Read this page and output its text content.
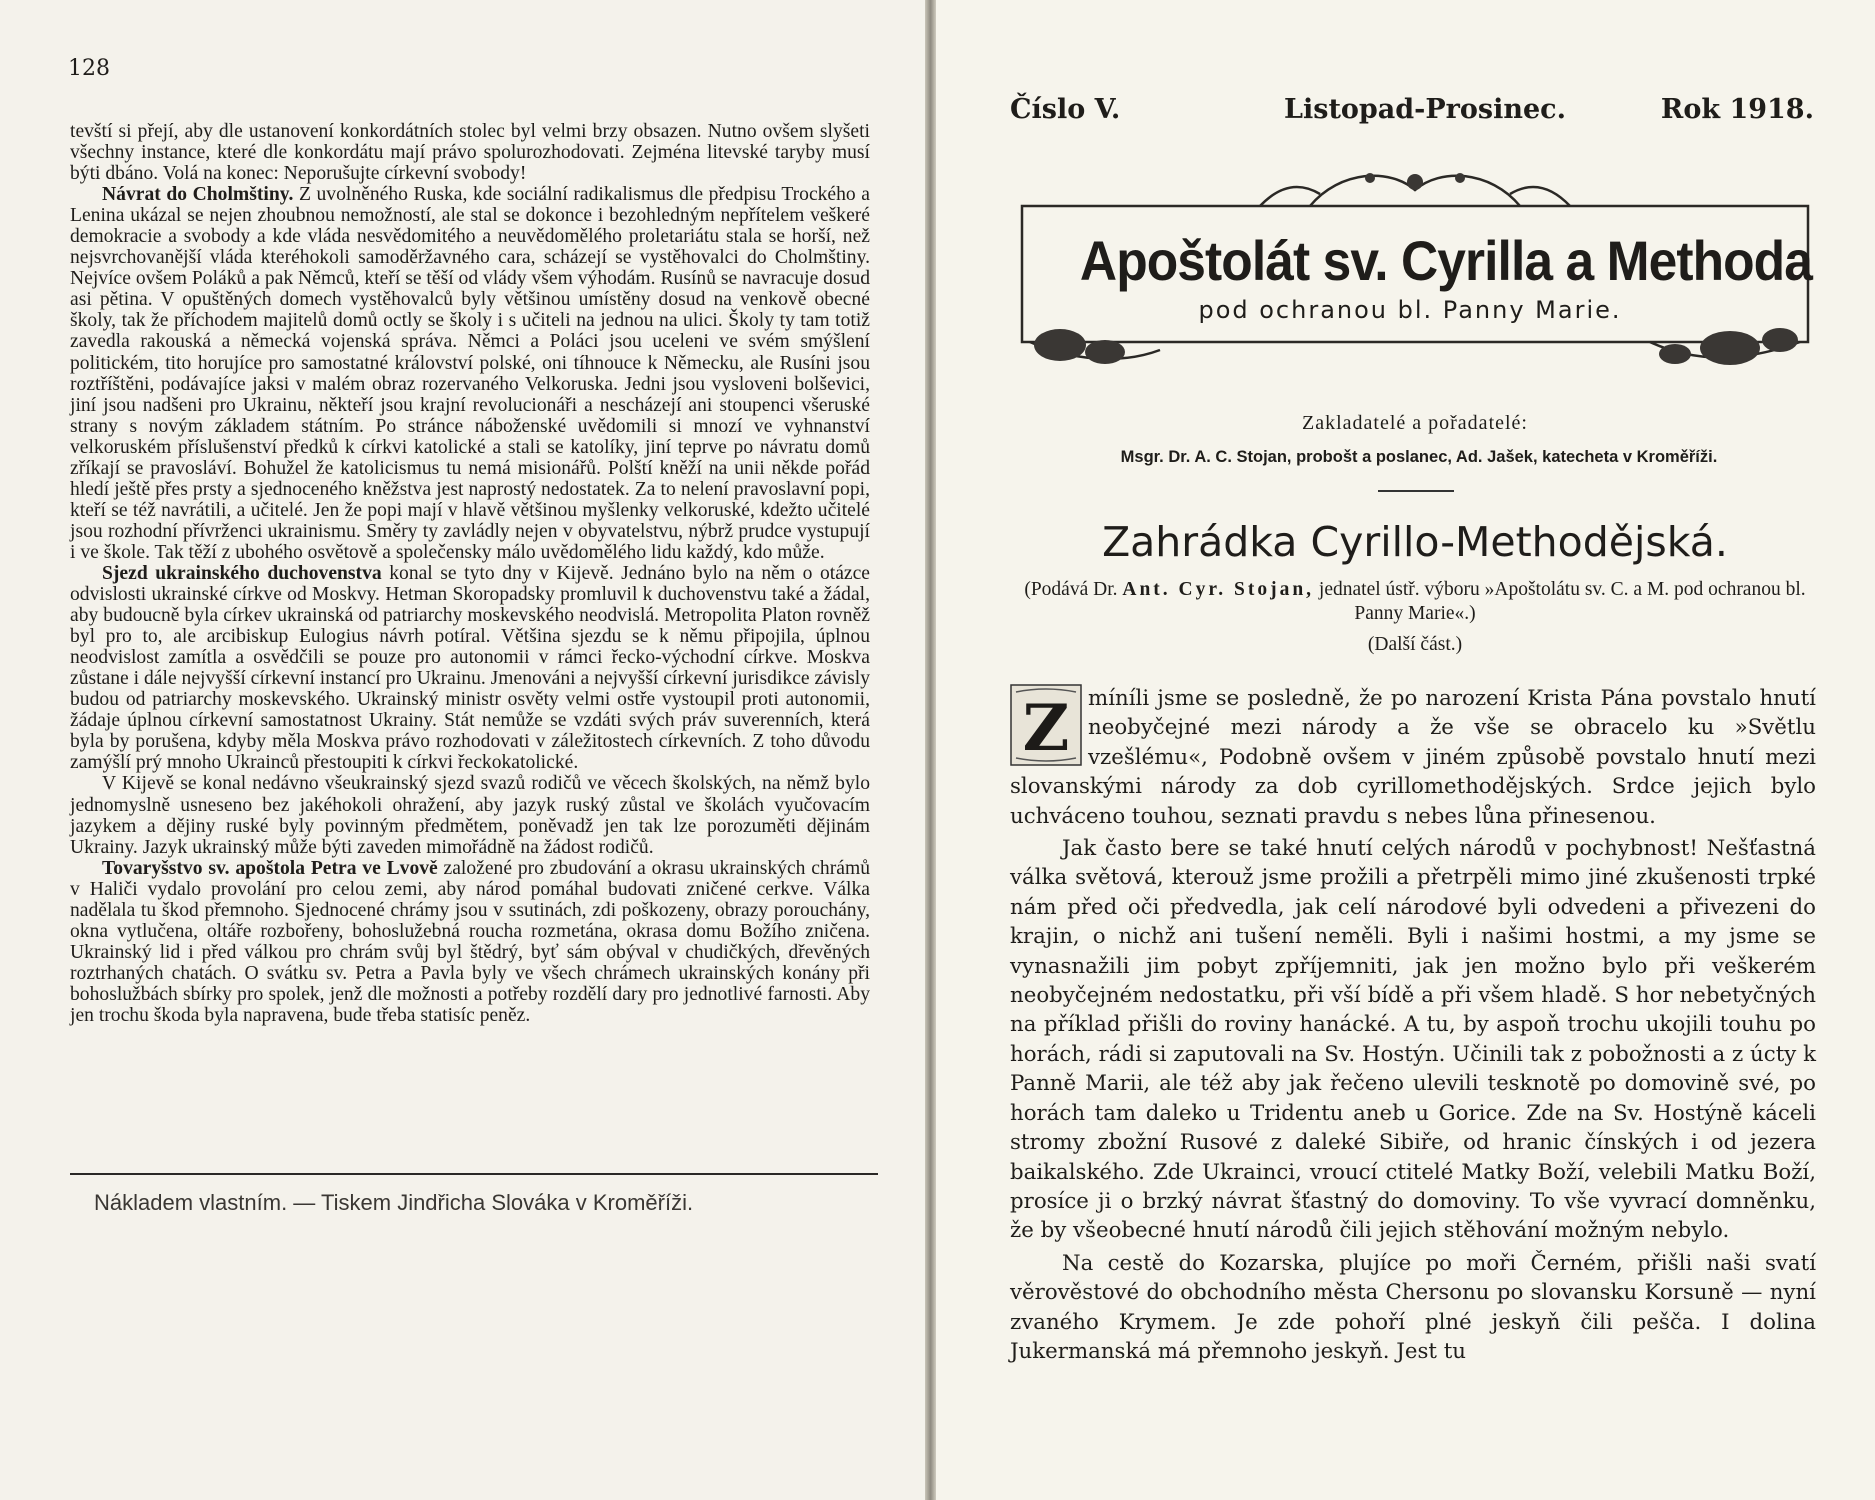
128

tevští si přejí, aby dle ustanovení konkordátních stolec byl velmi brzy obsazen. Nutno ovšem slyšeti všechny instance, které dle konkordátu mají právo spolurozhodovati. Zejména litevské taryby musí býti dbáno. Volá na konec: Neporušujte církevní svobody!

Návrat do Cholmštiny. Z uvolněného Ruska, kde sociální radikalismus dle předpisu Trockého a Lenina ukázal se nejen zhoubnou nemožností, ale stal se dokonce i bezohledným nepřítelem veškeré demokracie a svobody a kde vláda nesvědomitého a neuvědomělého proletariátu stala se horší, než nejsvrchovanější vláda kteréhokoli samoděržavného cara, scházejí se vystěhovalci do Cholmštiny. Nejvíce ovšem Poláků a pak Němců, kteří se těší od vlády všem výhodám. Rusínů se navracuje dosud asi pětina. V opuštěných domech vystěhovalců byly většinou umístěny dosud na venkově obecné školy, tak že příchodem majitelů domů octly se školy i s učiteli na jednou na ulici. Školy ty tam totiž zavedla rakouská a německá vojenská správa. Němci a Poláci jsou uceleni ve svém smýšlení politickém, tito horujíce pro samostatné království polské, oni tíhnouce k Německu, ale Rusíni jsou roztříštěni, podávajíce jaksi v malém obraz rozervaného Velkoruska. Jedni jsou vysloveni bolševici, jiní jsou nadšeni pro Ukrainu, někteří jsou krajní revolucionáři a nescházejí ani stoupenci všeruské strany s novým základem státním. Po stránce náboženské uvědomili si mnozí ve vyhnanství velkoruském příslušenství předků k církvi katolické a stali se katolíky, jiní teprve po návratu domů zříkají se pravosláví. Bohužel že katolicismus tu nemá misionářů. Polští kněží na unii někde pořád hledí ještě přes prsty a sjednoceného kněžstva jest naprostý nedostatek. Za to nelení pravoslavní popi, kteří se též navrátili, a učitelé. Jen že popi mají v hlavě většinou myšlenky velkoruské, kdežto učitelé jsou rozhodní přívrženci ukrainismu. Směry ty zavládly nejen v obyvatelstvu, nýbrž prudce vystupují i ve škole. Tak těží z ubohého osvětově a společensky málo uvědomělého lidu každý, kdo může.

Sjezd ukrainského duchovenstva konal se tyto dny v Kijevě. Jednáno bylo na něm o otázce odvislosti ukrainské církve od Moskvy. Hetman Skoropadsky promluvil k duchovenstvu také a žádal, aby budoucně byla církev ukrainská od patriarchy moskevského neodvislá. Metropolita Platon rovněž byl pro to, ale arcibiskup Eulogius návrh potíral. Většina sjezdu se k němu připojila, úplnou neodvislost zamítla a osvědčili se pouze pro autonomii v rámci řecko-východní církve. Moskva zůstane i dále nejvyšší církevní instancí pro Ukrainu. Jmenováni a nejvyšší církevní jurisdikce závisly budou od patriarchy moskevského. Ukrainský ministr osvěty velmi ostře vystoupil proti autonomii, žádaje úplnou církevní samostatnost Ukrainy. Stát nemůže se vzdáti svých práv suverenních, která byla by porušena, kdyby měla Moskva právo rozhodovati v záležitostech církevních. Z toho důvodu zamýšlí prý mnoho Ukrainců přestoupiti k církvi řeckokatolické.

V Kijevě se konal nedávno všeukrainský sjezd svazů rodičů ve věcech školských, na němž bylo jednomyslně usneseno bez jakéhokoli ohražení, aby jazyk ruský zůstal ve školách vyučovacím jazykem a dějiny ruské byly povinným předmětem, poněvadž jen tak lze porozuměti dějinám Ukrainy. Jazyk ukrainský může býti zaveden mimořádně na žádost rodičů.

Tovaryšstvo sv. apoštola Petra ve Lvově založené pro zbudování a okrasu ukrainských chrámů v Haliči vydalo provolání pro celou zemi, aby národ pomáhal budovati zničené cerkve. Válka nadělala tu škod přemnoho. Sjednocené chrámy jsou v ssutinách, zdi poškozeny, obrazy porouchány, okna vytlučena, oltáře rozbořeny, bohoslužebná roucha rozmetána, okrasa domu Božího zničena. Ukrainský lid i před válkou pro chrám svůj byl štědrý, byť sám obýval v chudičkých, dřevěných roztrhaných chatách. O svátku sv. Petra a Pavla byly ve všech chrámech ukrainských konány při bohoslužbách sbírky pro spolek, jenž dle možnosti a potřeby rozdělí dary pro jednotlivé farnosti. Aby jen trochu škoda byla napravena, bude třeba statisíc peněz.

Nákladem vlastním. — Tiskem Jindřicha Slováka v Kroměříži.
Číslo V.	Listopad-Prosinec.	Rok 1918.
Apoštolát sv. Cyrilla a Methoda
pod ochranou bl. Panny Marie.
Zakladatelé a pořadatelé:
Msgr. Dr. A. C. Stojan, probošt a poslanec, Ad. Jašek, katecheta v Kroměříži.
Zahrádka Cyrillo-Methodějská.
(Podává Dr. Ant. Cyr. Stojan, jednatel ústř. výboru »Apoštolátu sv. C. a M. pod ochranou bl. Panny Marie«.)
(Další část.)
Z míníli jsme se posledně, že po narození Krista Pána povstalo hnutí neobyčejné mezi národy a že vše se obracelo ku »Světlu vzešlému«, Podobně ovšem v jiném způsobě povstalo hnutí mezi slovanskými národy za dob cyrillomethodějských. Srdce jejich bylo uchváceno touhou, seznati pravdu s nebes lůna přinesenou.

Jak často bere se také hnutí celých národů v pochybnost! Nešťastná válka světová, kterouž jsme prožili a přetrpěli mimo jiné zkušenosti trpké nám před oči předvedla, jak celí národové byli odvedeni a přivezeni do krajin, o nichž ani tušení neměli. Byli i našimi hostmi, a my jsme se vynasnažili jim pobyt zpříjemniti, jak jen možno bylo při veškerém neobyčejném nedostatku, při vší bídě a při všem hladě. S hor nebetyčných na příklad přišli do roviny hanácké. A tu, by aspoň trochu ukojili touhu po horách, rádi si zaputovali na Sv. Hostýn. Učinili tak z pobožnosti a z úcty k Panně Marii, ale též aby jak řečeno ulevili tesknotě po domovině své, po horách tam daleko u Tridentu aneb u Gorice. Zde na Sv. Hostýně káceli stromy zbožní Rusové z daleké Sibiře, od hranic čínských i od jezera baikalského. Zde Ukrainci, vroucí ctitelé Matky Boží, velebili Matku Boží, prosíce ji o brzký návrat šťastný do domoviny. To vše vyvrací domněnku, že by všeobecné hnutí národů čili jejich stěhování možným nebylo.

Na cestě do Kozarska, plujíce po moři Černém, přišli naši svatí věrověstové do obchodního města Chersonu po slovansku Korsuně — nyní zvaného Krymem. Je zde pohoří plné jeskyň čili pešča. I dolina Jukermanská má přemnoho jeskyň. Jest tu
